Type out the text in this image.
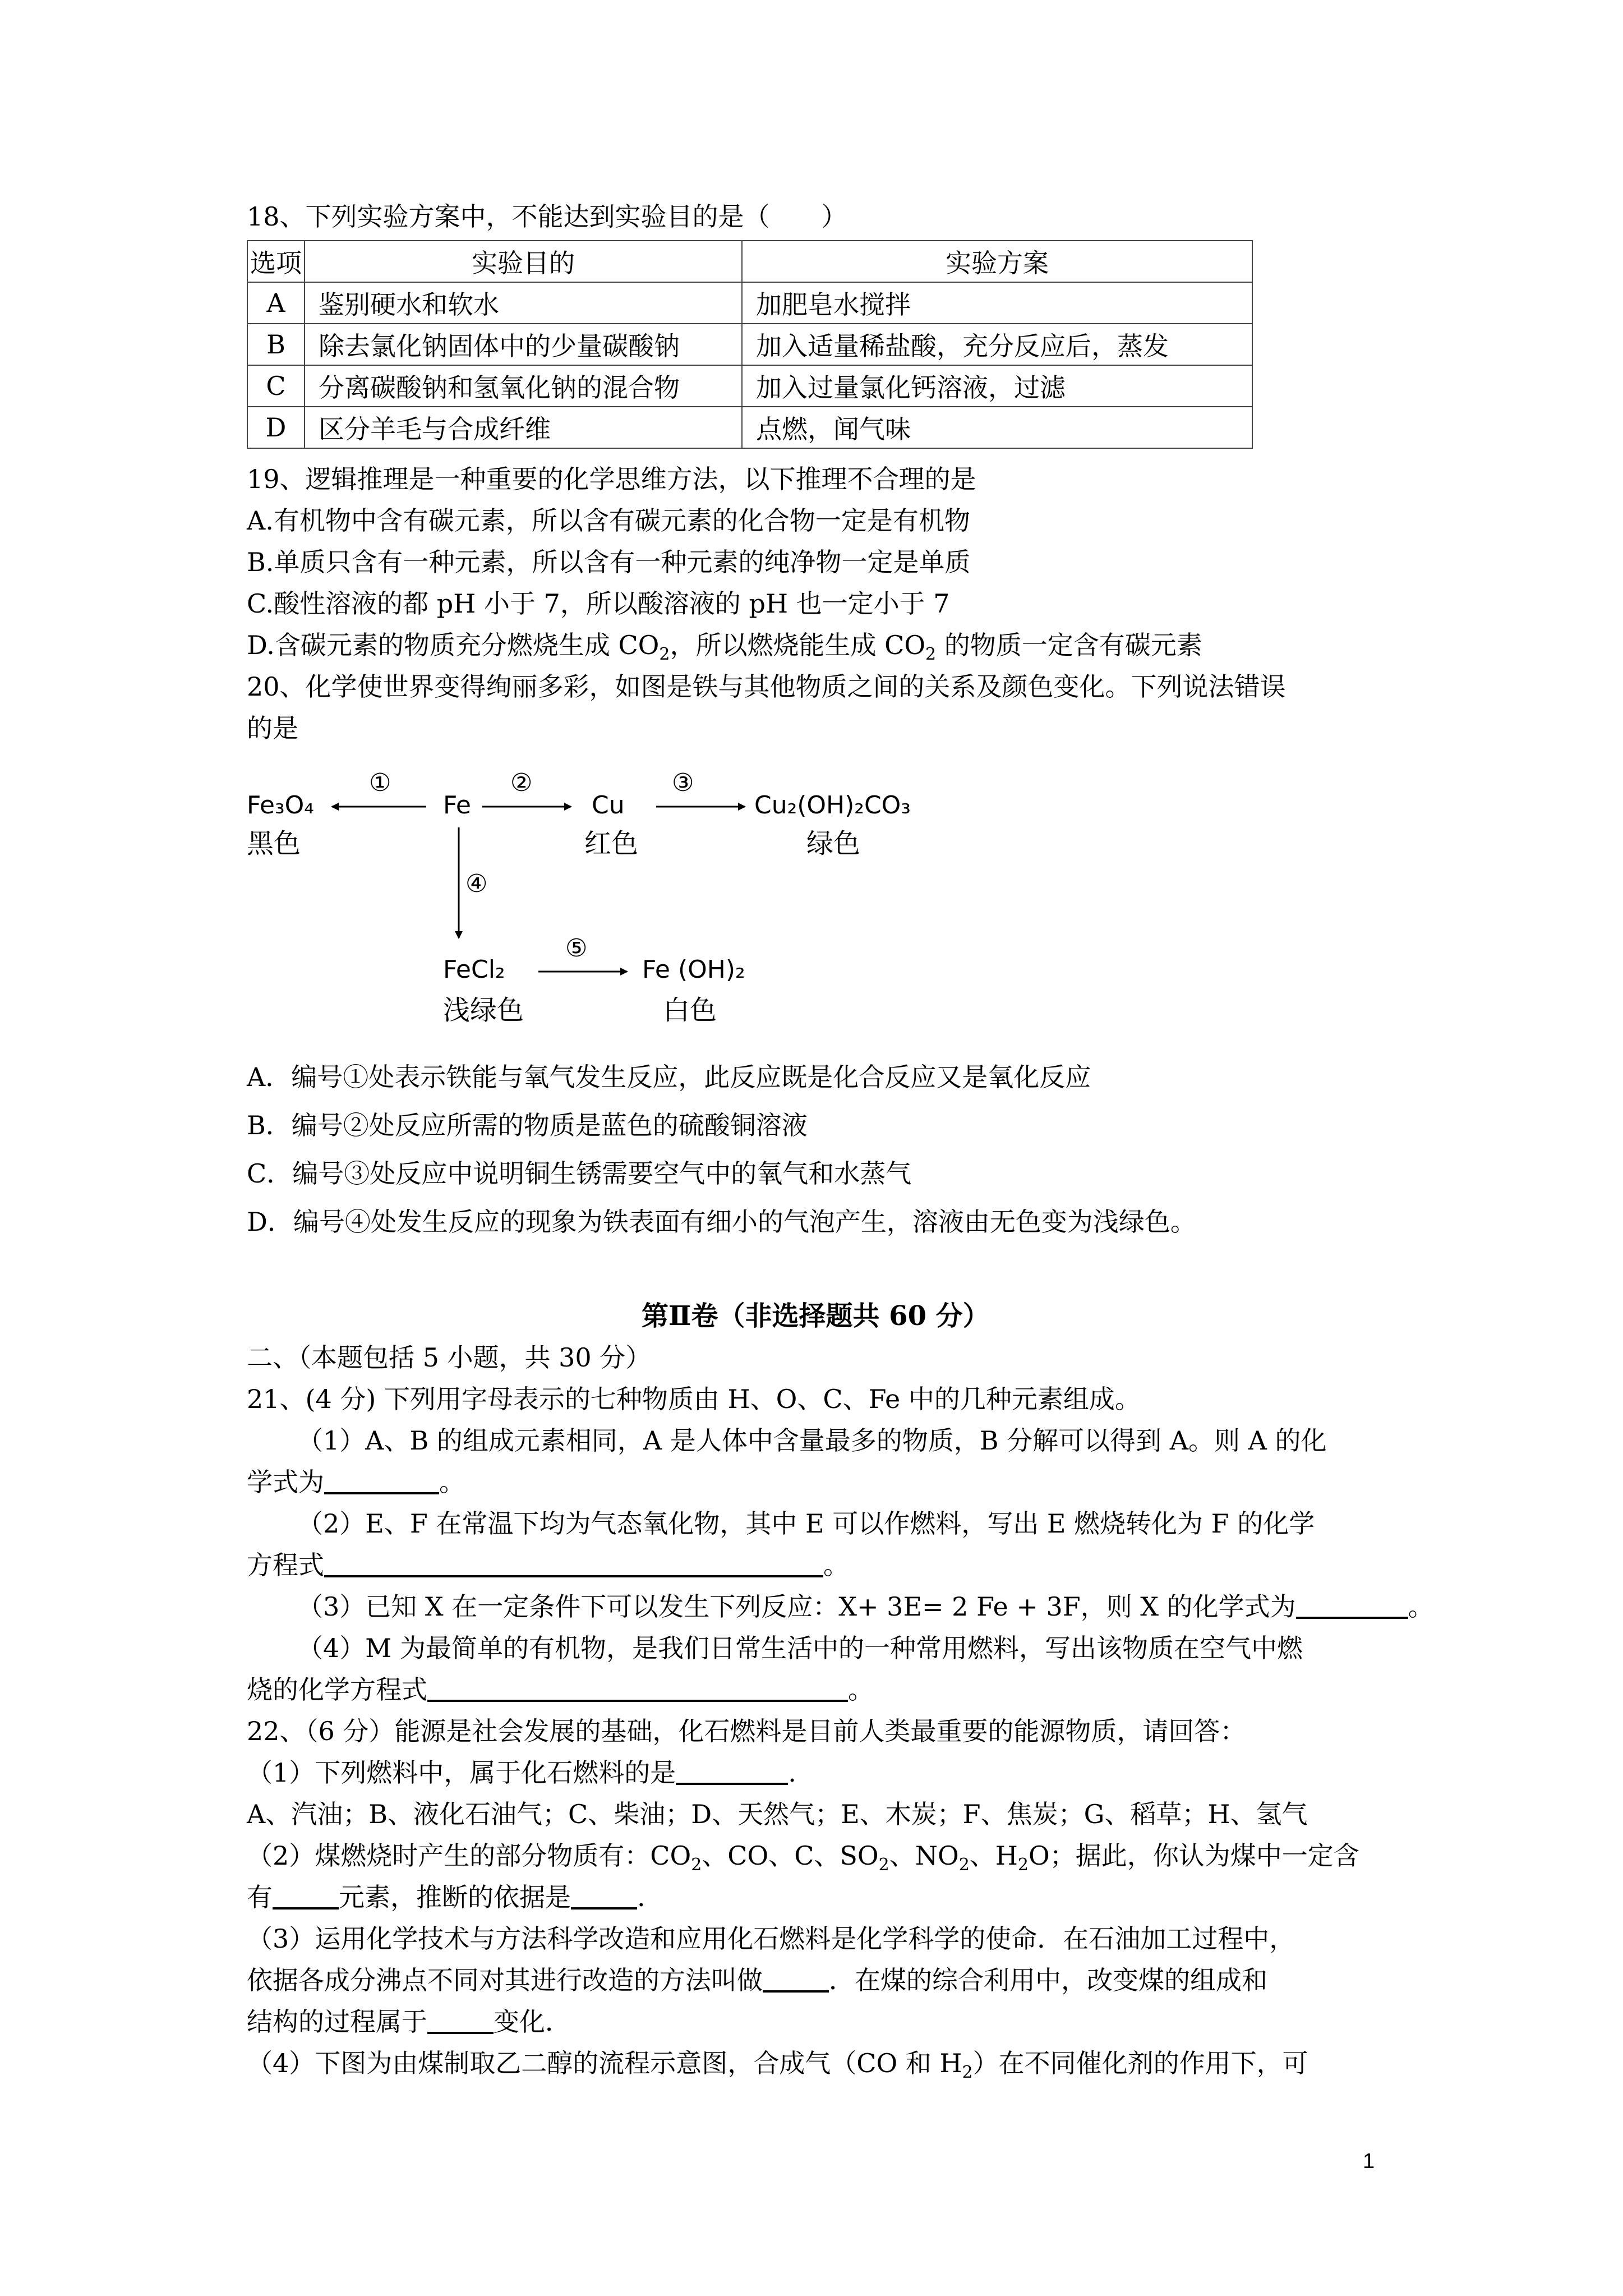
18、下列实验方案中，不能达到实验目的是（　　）
选项	实验目的	实验方案
A	鉴别硬水和软水	加肥皂水搅拌
B	除去氯化钠固体中的少量碳酸钠	加入适量稀盐酸，充分反应后，蒸发
C	分离碳酸钠和氢氧化钠的混合物	加入过量氯化钙溶液，过滤
D	区分羊毛与合成纤维	点燃，闻气味
19、逻辑推理是一种重要的化学思维方法，以下推理不合理的是
A.有机物中含有碳元素，所以含有碳元素的化合物一定是有机物
B.单质只含有一种元素，所以含有一种元素的纯净物一定是单质
C.酸性溶液的都 pH 小于 7，所以酸溶液的 pH 也一定小于 7
D.含碳元素的物质充分燃烧生成 $CO_2$，所以燃烧能生成 $CO_2$ 的物质一定含有碳元素
20、化学使世界变得绚丽多彩，如图是铁与其他物质之间的关系及颜色变化。下列说法错误
的是
Fe₃O₄
黑色
①
Fe
②
Cu
红色
③
Cu₂(OH)₂CO₃
绿色
④
FeCl₂
浅绿色
⑤
Fe (OH)₂
白色
A．编号①处表示铁能与氧气发生反应，此反应既是化合反应又是氧化反应
B．编号②处反应所需的物质是蓝色的硫酸铜溶液
C．编号③处反应中说明铜生锈需要空气中的氧气和水蒸气
D．编号④处发生反应的现象为铁表面有细小的气泡产生，溶液由无色变为浅绿色。
第Ⅱ卷（非选择题共 60 分）
二、（本题包括 5 小题，共 30 分）
21、(4 分) 下列用字母表示的七种物质由 H、O、C、Fe 中的几种元素组成。
（1）A、B 的组成元素相同，A 是人体中含量最多的物质，B 分解可以得到 A。则 A 的化
学式为	。
（2）E、F 在常温下均为气态氧化物，其中 E 可以作燃料，写出 E 燃烧转化为 F 的化学
方程式	。
（3）已知 X 在一定条件下可以发生下列反应：X+ 3E= 2 Fe + 3F，则 X 的化学式为	。
（4）M 为最简单的有机物，是我们日常生活中的一种常用燃料，写出该物质在空气中燃
烧的化学方程式	。
22、（6 分）能源是社会发展的基础，化石燃料是目前人类最重要的能源物质，请回答：
（1）下列燃料中，属于化石燃料的是	.
A、汽油；B、液化石油气；C、柴油；D、天然气；E、木炭；F、焦炭；G、稻草；H、氢气
（2）煤燃烧时产生的部分物质有：$CO_2$、CO、C、$SO_2$、$NO_2$、$H_2O$；据此，你认为煤中一定含
有	元素，推断的依据是	.
（3）运用化学技术与方法科学改造和应用化石燃料是化学科学的使命．在石油加工过程中，
依据各成分沸点不同对其进行改造的方法叫做	．在煤的综合利用中，改变煤的组成和
结构的过程属于	变化．
（4）下图为由煤制取乙二醇的流程示意图，合成气（CO 和 $H_2$）在不同催化剂的作用下，可
1
